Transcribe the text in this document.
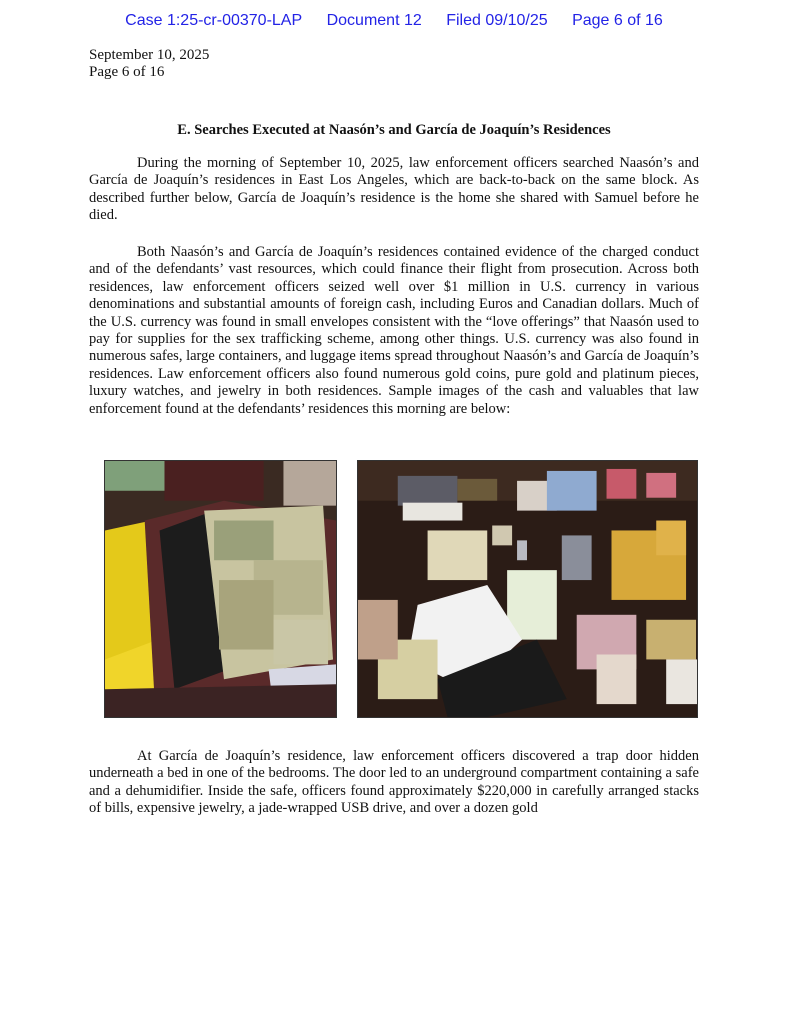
Case 1:25-cr-00370-LAP Document 12 Filed 09/10/25 Page 6 of 16
September 10, 2025
Page 6 of 16
E. Searches Executed at Naasón’s and García de Joaquín’s Residences

During the morning of September 10, 2025, law enforcement officers searched Naasón’s and García de Joaquín’s residences in East Los Angeles, which are back-to-back on the same block. As described further below, García de Joaquín’s residence is the home she shared with Samuel before he died.

Both Naasón’s and García de Joaquín’s residences contained evidence of the charged conduct and of the defendants’ vast resources, which could finance their flight from prosecution. Across both residences, law enforcement officers seized well over $1 million in U.S. currency in various denominations and substantial amounts of foreign cash, including Euros and Canadian dollars. Much of the U.S. currency was found in small envelopes consistent with the “love offerings” that Naasón used to pay for supplies for the sex trafficking scheme, among other things. U.S. currency was also found in numerous safes, large containers, and luggage items spread throughout Naasón’s and García de Joaquín’s residences. Law enforcement officers also found numerous gold coins, pure gold and platinum pieces, luxury watches, and jewelry in both residences. Sample images of the cash and valuables that law enforcement found at the defendants’ residences this morning are below:

At García de Joaquín’s residence, law enforcement officers discovered a trap door hidden underneath a bed in one of the bedrooms. The door led to an underground compartment containing a safe and a dehumidifier. Inside the safe, officers found approximately $220,000 in carefully arranged stacks of bills, expensive jewelry, a jade-wrapped USB drive, and over a dozen gold
